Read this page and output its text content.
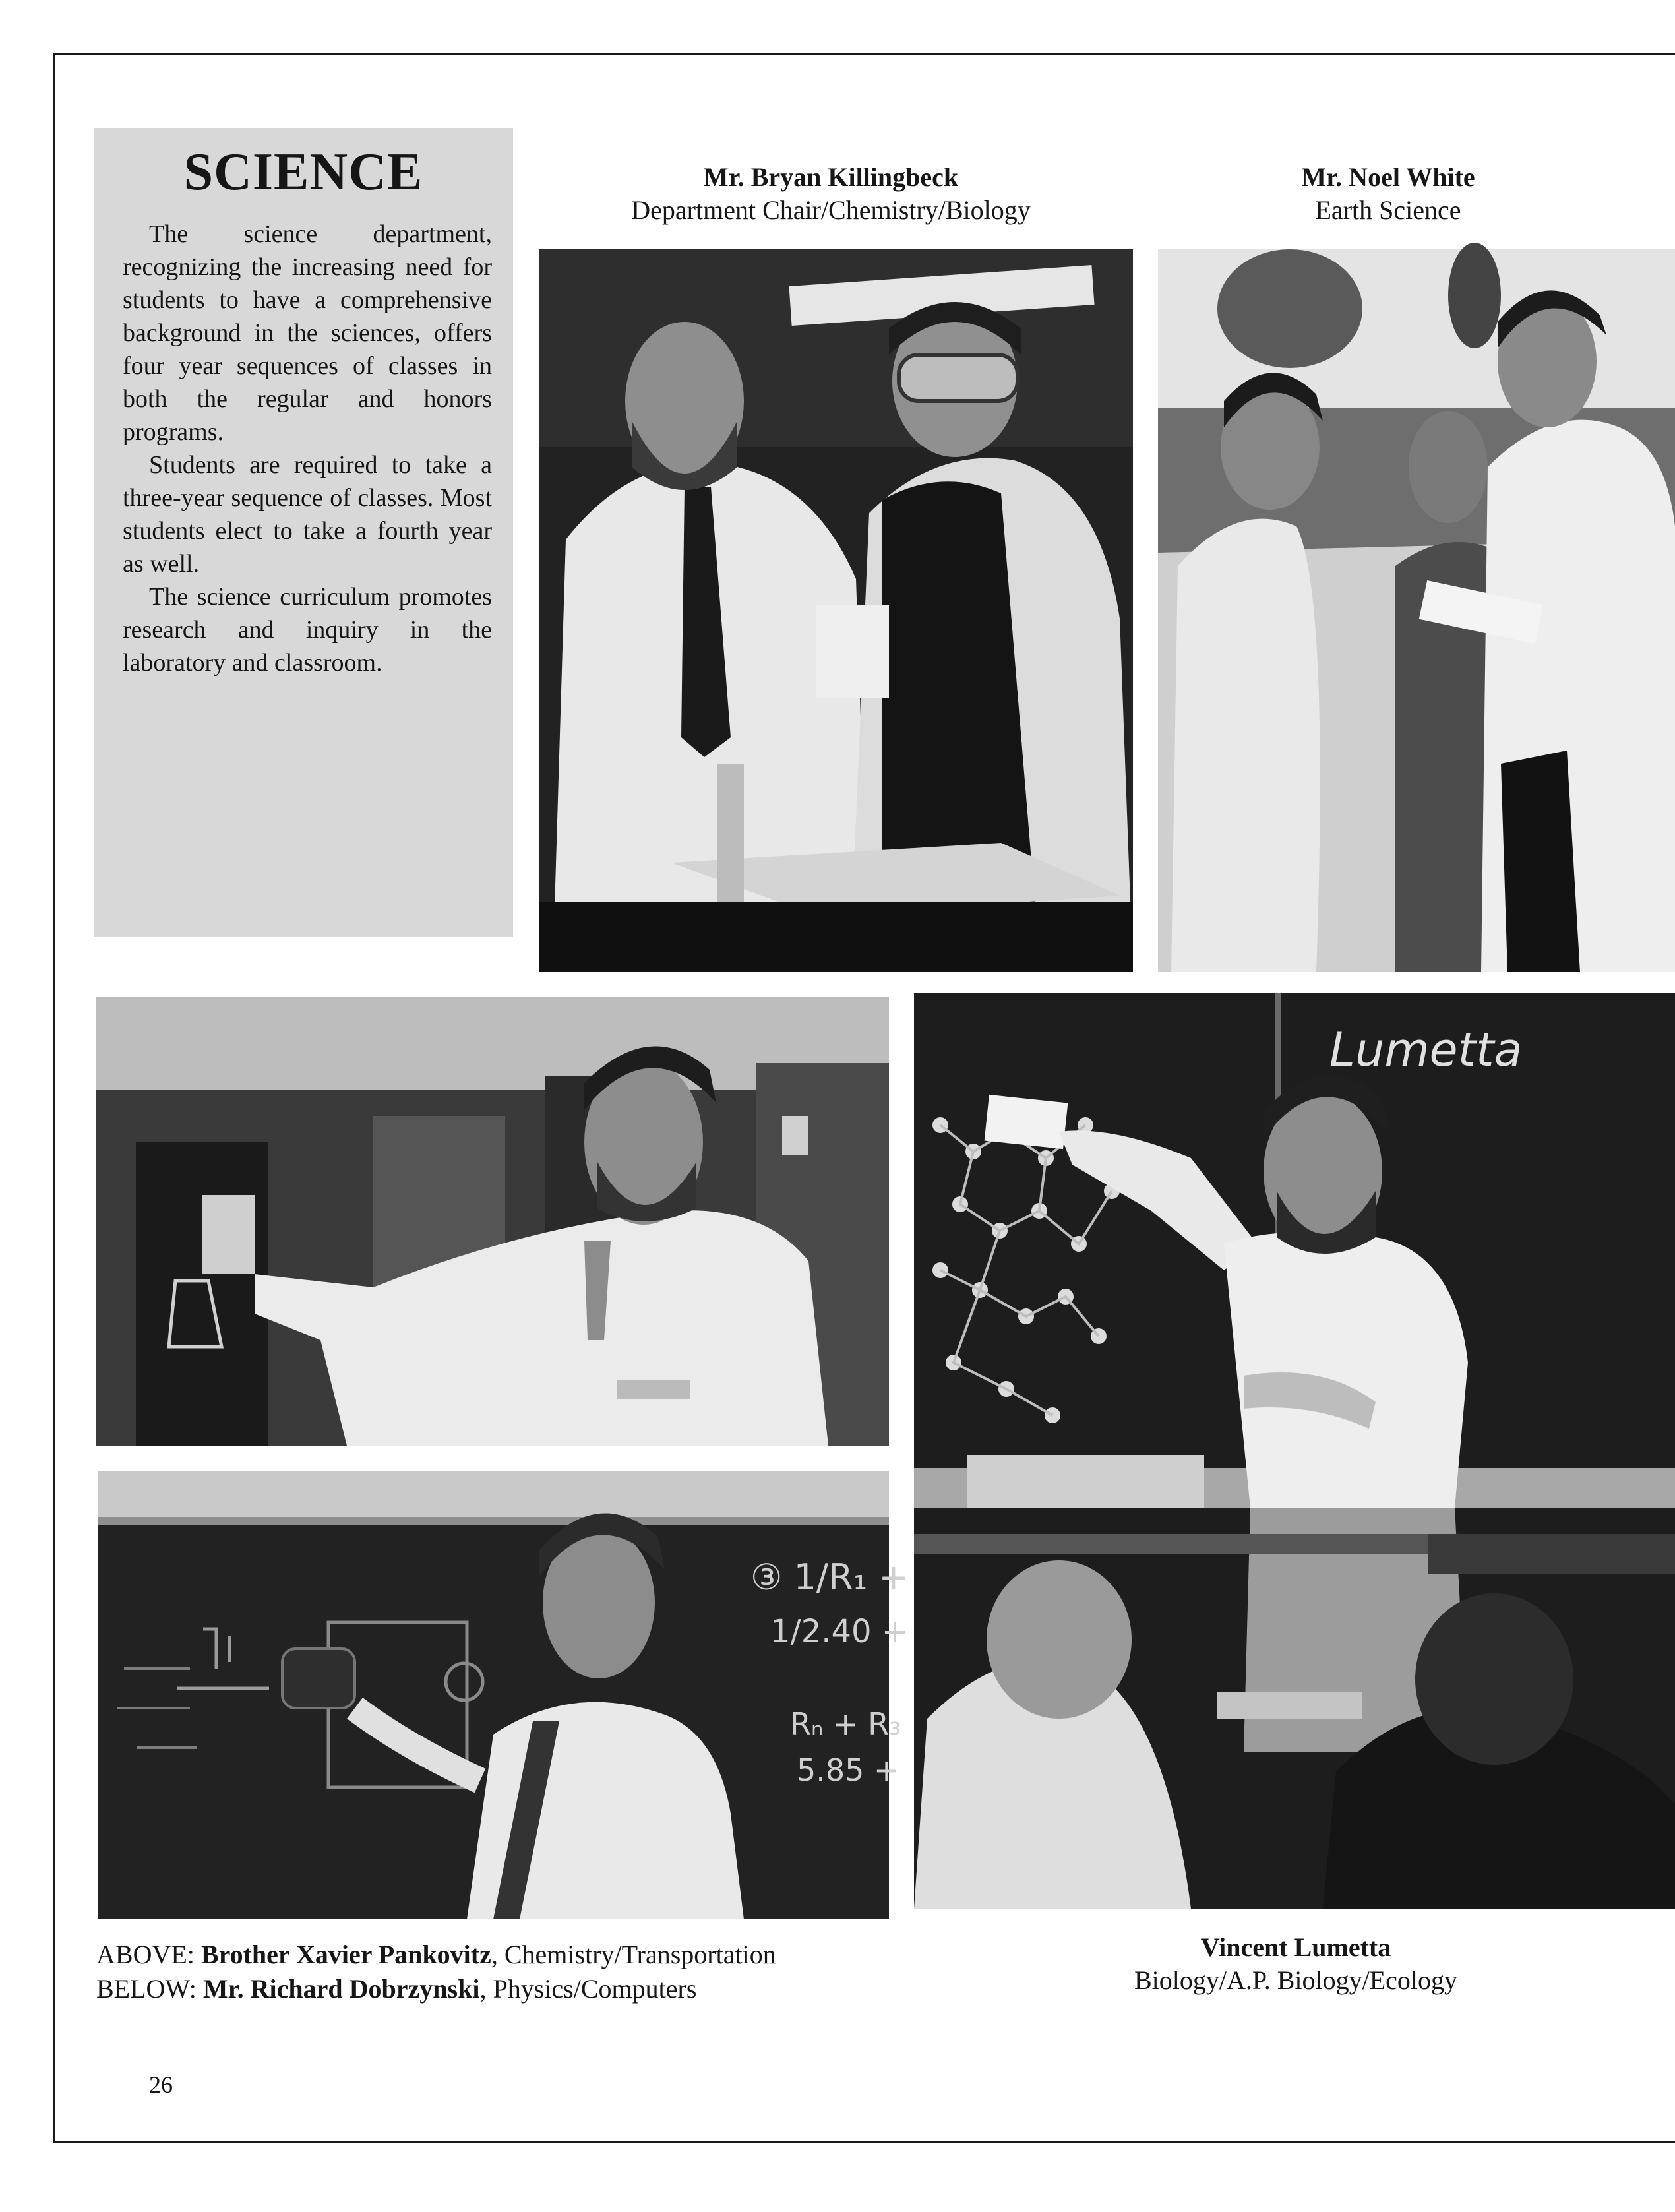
SCIENCE

The science department, recognizing the increasing need for students to have a comprehensive background in the sciences, offers four year sequences of classes in both the regular and honors programs.

Students are required to take a three-year sequence of classes. Most students elect to take a fourth year as well.

The science curriculum promotes research and inquiry in the laboratory and classroom.

Mr. Bryan Killingbeck
Department Chair/Chemistry/Biology
Mr. Noel White
Earth Science
③ 1/R₁ +
1/2.40 +
Rₙ + R₃
5.85 +
Lumetta
Vincent Lumetta
Biology/A.P. Biology/Ecology
ABOVE: Brother Xavier Pankovitz, Chemistry/Transportation
BELOW: Mr. Richard Dobrzynski, Physics/Computers
26
